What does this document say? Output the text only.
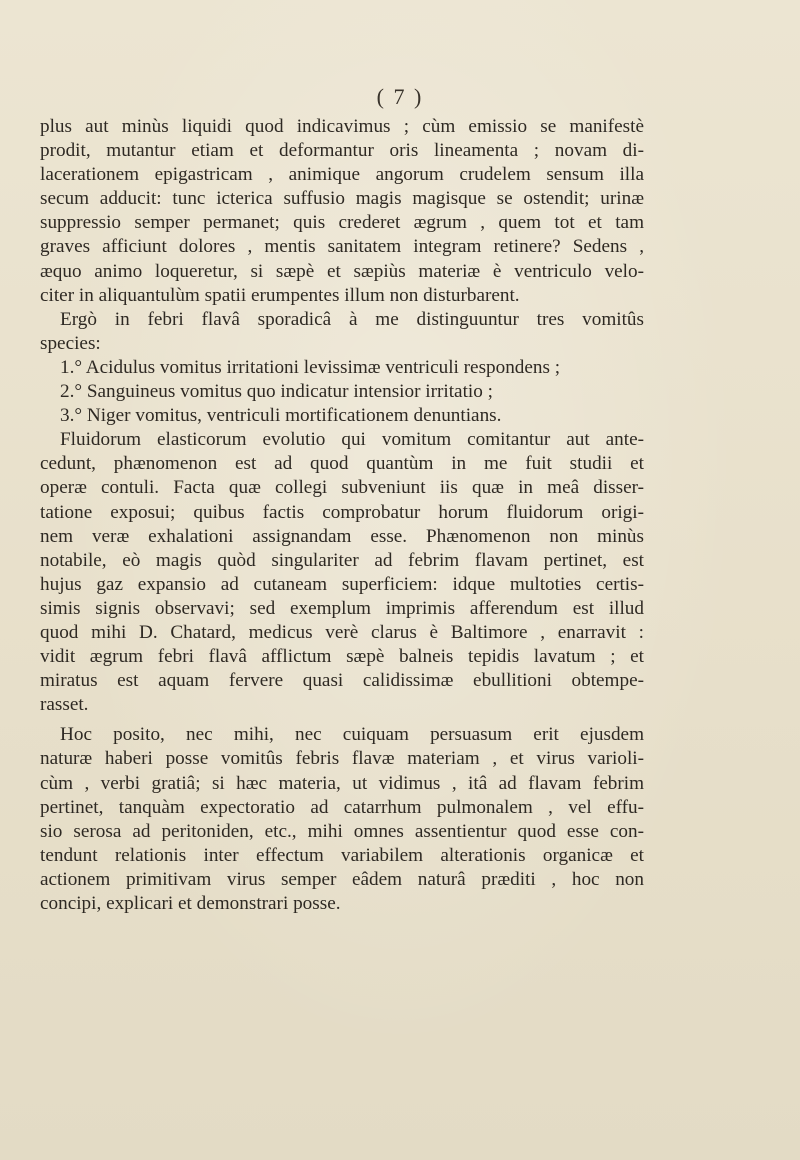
( 7 )
plus aut minùs liquidi quod indicavimus ; cùm emissio se manifestè
prodit, mutantur etiam et deformantur oris lineamenta ; novam di-
lacerationem epigastricam , animique angorum crudelem sensum illa
secum adducit: tunc icterica suffusio magis magisque se ostendit; urinæ
suppressio semper permanet; quis crederet ægrum , quem tot et tam
graves afficiunt dolores , mentis sanitatem integram retinere? Sedens ,
æquo animo loqueretur, si sæpè et sæpiùs materiæ è ventriculo velo-
citer in aliquantulùm spatii erumpentes illum non disturbarent.
Ergò in febri flavâ sporadicâ à me distinguuntur tres vomitûs
species:
1.° Acidulus vomitus irritationi levissimæ ventriculi respondens ;
2.° Sanguineus vomitus quo indicatur intensior irritatio ;
3.° Niger vomitus, ventriculi mortificationem denuntians.
Fluidorum elasticorum evolutio qui vomitum comitantur aut ante-
cedunt, phænomenon est ad quod quantùm in me fuit studii et
operæ contuli. Facta quæ collegi subveniunt iis quæ in meâ disser-
tatione exposui; quibus factis comprobatur horum fluidorum origi-
nem veræ exhalationi assignandam esse. Phænomenon non minùs
notabile, eò magis quòd singulariter ad febrim flavam pertinet, est
hujus gaz expansio ad cutaneam superficiem: idque multoties certis-
simis signis observavi; sed exemplum imprimis afferendum est illud
quod mihi D. Chatard, medicus verè clarus è Baltimore , enarravit :
vidit ægrum febri flavâ afflictum sæpè balneis tepidis lavatum ; et
miratus est aquam fervere quasi calidissimæ ebullitioni obtempe-
rasset.
Hoc posito, nec mihi, nec cuiquam persuasum erit ejusdem
naturæ haberi posse vomitûs febris flavæ materiam , et virus varioli-
cùm , verbi gratiâ; si hæc materia, ut vidimus , itâ ad flavam febrim
pertinet, tanquàm expectoratio ad catarrhum pulmonalem , vel effu-
sio serosa ad peritoniden, etc., mihi omnes assentientur quod esse con-
tendunt relationis inter effectum variabilem alterationis organicæ et
actionem primitivam virus semper eâdem naturâ præditi , hoc non
concipi, explicari et demonstrari posse.
